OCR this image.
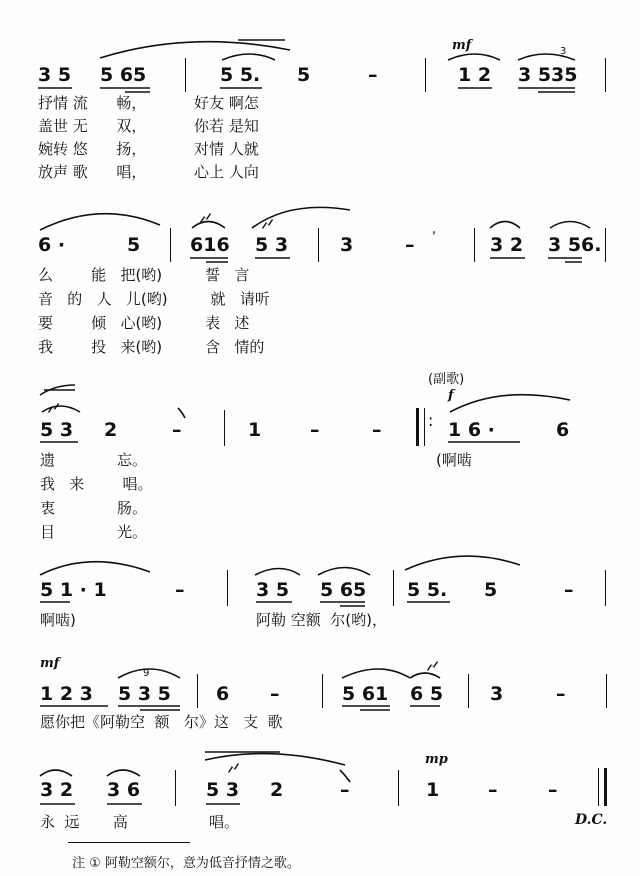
mf
3 5 5 65	5 5. 5	–	1 2 3 535
3
抒情 流      畅，          好友 啊怎
盖世 无      双，          你若 是知
婉转 悠      扬，          对情 人就
放声 歌      唱，          心上 人向
6 ·	5	616 5 3	3	–
,
3 2 3 56.
么        能   把(哟)         誓   言
音   的   人   儿(哟)         就   请听
要        倾   心(哟)         表   述
我        投   来(哟)         含   情的
(副歌)
f
5 3 2	–	1	–	–	: 1 6 ·	6
遗             忘。
我   来        唱。
衷             肠。
目             光。
(啊啮
5 1 · 1	–	3 5 5 65 5 5. 5	–
啊啮)	阿勒 空额  尔(哟)，
mf
1 2 3 5 3 5
9
6 –	5 61 6 5 3	–
愿你把《阿勒空  额   尔》这   支  歌
mp
3 2 3 6	5 3 2	–	1	–	–
永  远       高                 唱。	D.C.
注 ① 阿勒空额尔，意为低音抒情之歌。
